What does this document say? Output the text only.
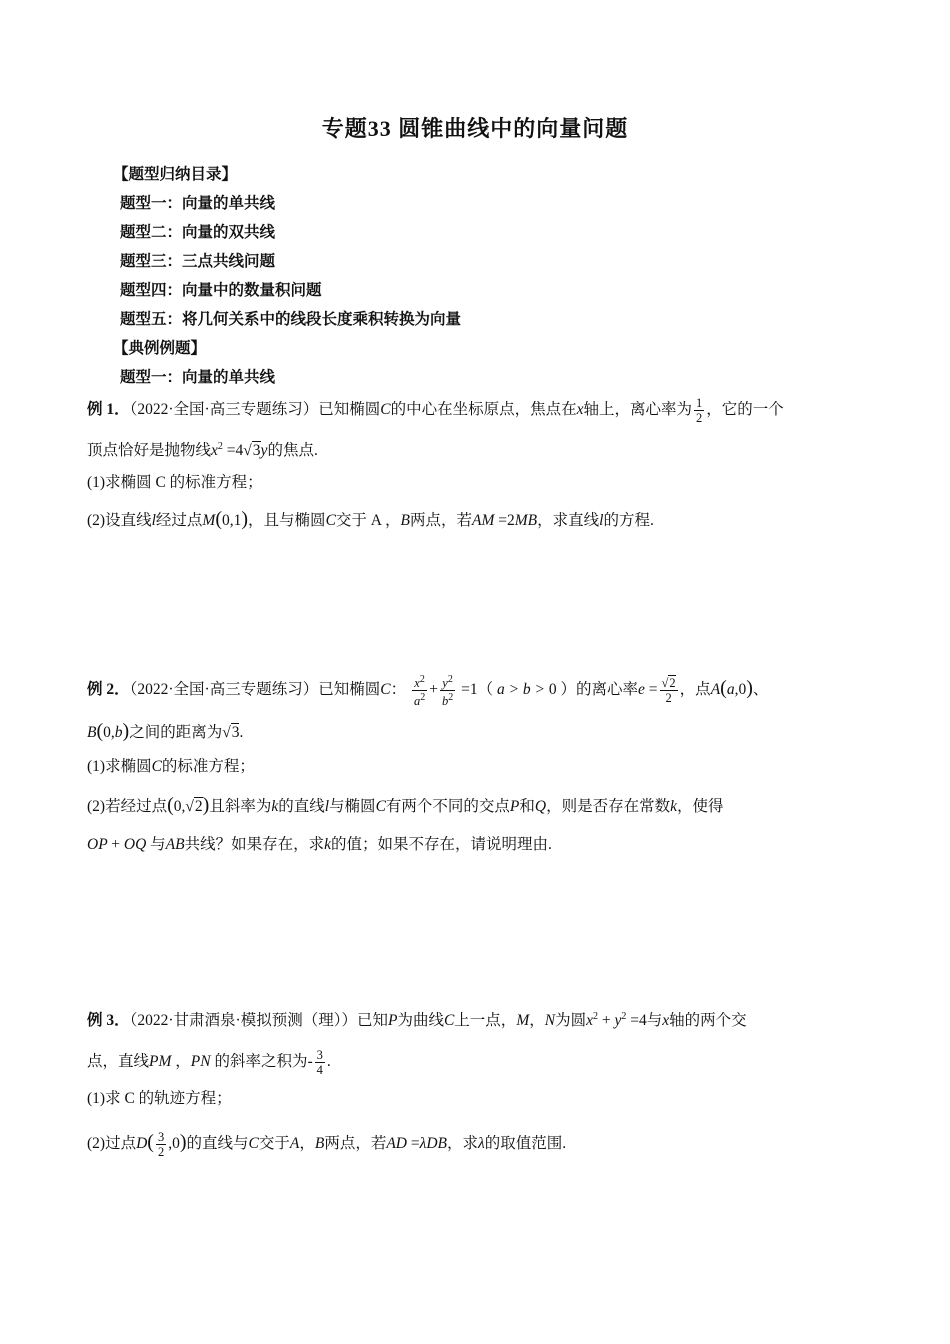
专题33 圆锥曲线中的向量问题
【题型归纳目录】
题型一：向量的单共线
题型二：向量的双共线
题型三：三点共线问题
题型四：向量中的数量积问题
题型五：将几何关系中的线段长度乘积转换为向量
【典例例题】
题型一：向量的单共线
例 1．（2022·全国·高三专题练习）已知椭圆C的中心在坐标原点，焦点在x轴上，离心率为 $\frac{1}{2}$ ，它的一个
顶点恰好是抛物线$x^2 =4√3y$的焦点.
(1)求椭圆 C 的标准方程；
(2)设直线l经过点M(0,1)，且与椭圆C交于 A ，B两点，若AM =2MB，求直线l的方程.
例 2．（2022·全国·高三专题练习）已知椭圆C： $\frac{x^2}{a^2} + \frac{y^2}{b^2} =1$（ a > b > 0 ）的离心率$e = \frac{√2}{2}$ ，点A(a,0)、
B(0,b)之间的距离为√3.
(1)求椭圆C的标准方程；
(2)若经过点(0,√2)且斜率为k的直线l与椭圆C有两个不同的交点P和Q，则是否存在常数k，使得
OP + OQ 与AB共线？如果存在，求k的值；如果不存在，请说明理由.
例 3．（2022·甘肃酒泉·模拟预测（理））已知P为曲线C上一点，M，N为圆$x^2 + y^2 =4$与x轴的两个交
点，直线PM ，PN 的斜率之积为- $\frac{3}{4}$ .
(1)求 C 的轨迹方程；
(2)过点$D( \frac{3}{2} ,0)$的直线与C交于A，B两点，若AD =λDB，求λ的取值范围.
